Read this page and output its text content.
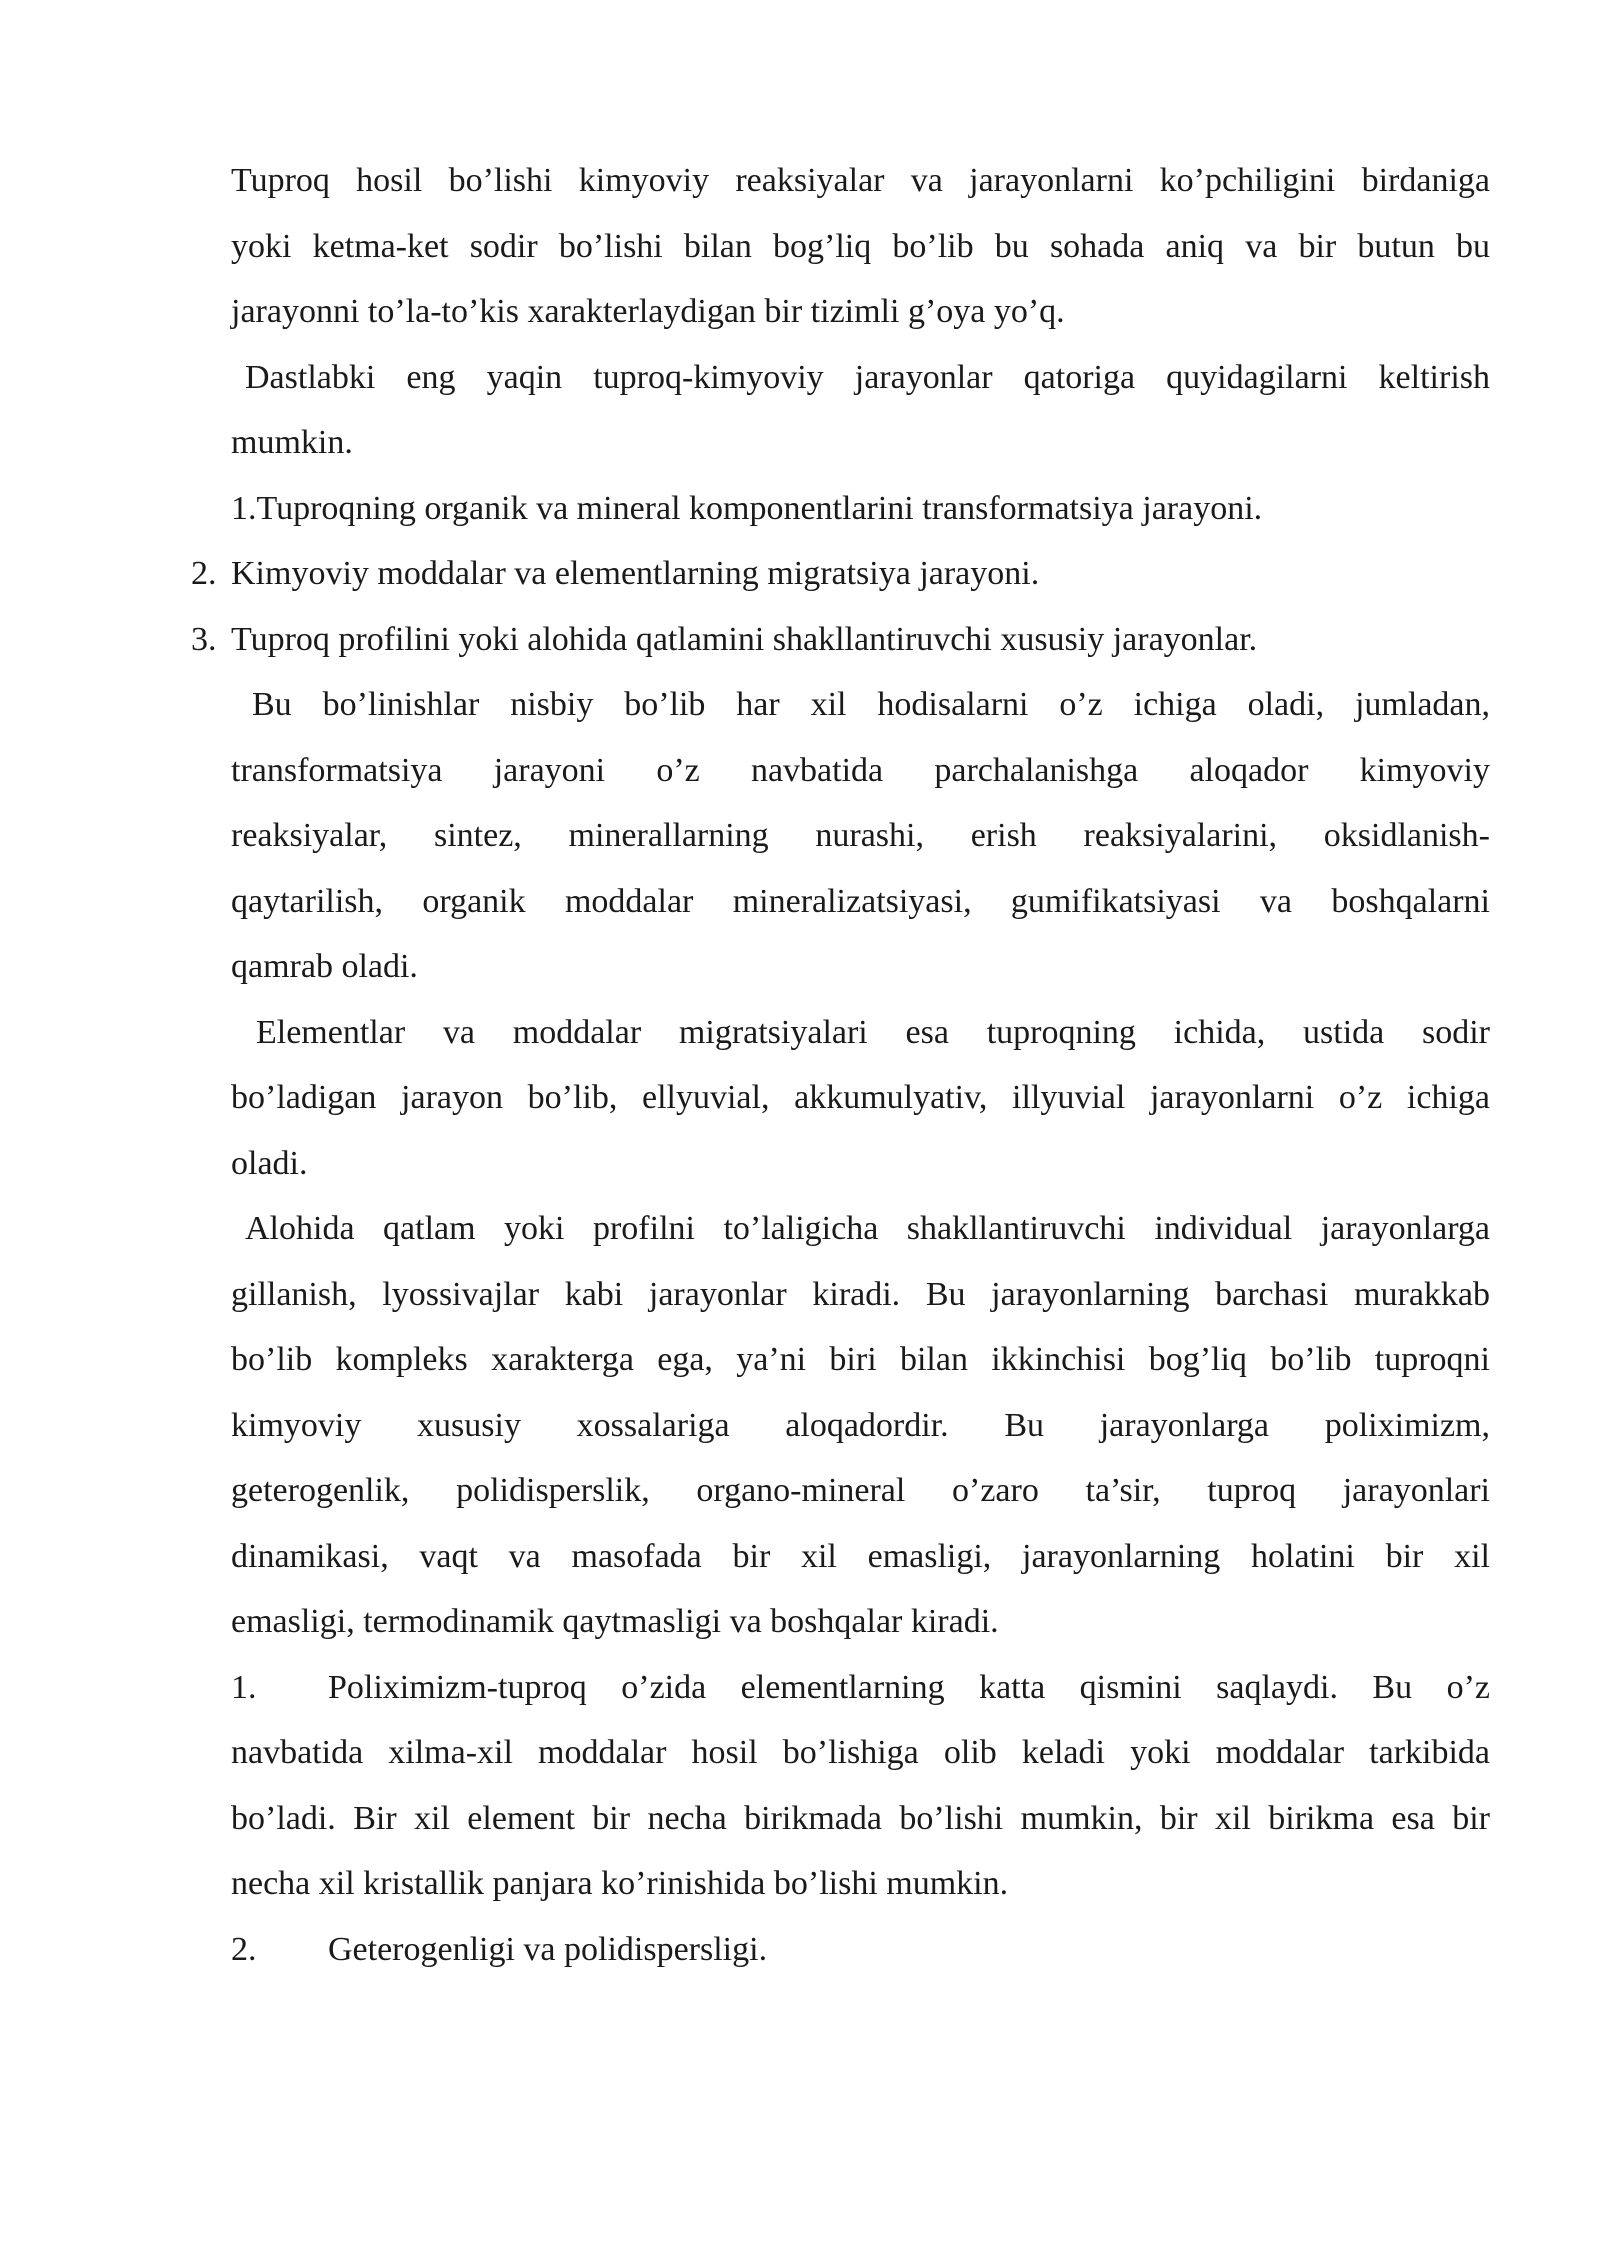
Tuproq hosil bo’lishi kimyoviy reaksiyalar va jarayonlarni ko’pchiligini birdaniga
yoki ketma-ket sodir bo’lishi bilan bog’liq bo’lib bu sohada aniq va bir butun bu
jarayonni to’la-to’kis xarakterlaydigan bir tizimli g’oya yo’q.
Dastlabki eng yaqin tuproq-kimyoviy jarayonlar qatoriga quyidagilarni keltirish
mumkin.
1.Tuproqning organik va mineral komponentlarini transformatsiya jarayoni.
2. Kimyoviy moddalar va elementlarning migratsiya jarayoni.
3. Tuproq profilini yoki alohida qatlamini shakllantiruvchi xususiy jarayonlar.
Bu bo’linishlar nisbiy bo’lib har xil hodisalarni o’z ichiga oladi, jumladan,
transformatsiya jarayoni o’z navbatida parchalanishga aloqador kimyoviy
reaksiyalar, sintez, minerallarning nurashi, erish reaksiyalarini, oksidlanish-
qaytarilish, organik moddalar mineralizatsiyasi, gumifikatsiyasi va boshqalarni
qamrab oladi.
Elementlar va moddalar migratsiyalari esa tuproqning ichida, ustida sodir
bo’ladigan jarayon bo’lib, ellyuvial, akkumulyativ, illyuvial jarayonlarni o’z ichiga
oladi.
Alohida qatlam yoki profilni to’laligicha shakllantiruvchi individual jarayonlarga
gillanish, lyossivajlar kabi jarayonlar kiradi. Bu jarayonlarning barchasi murakkab
bo’lib kompleks xarakterga ega, ya’ni biri bilan ikkinchisi bog’liq bo’lib tuproqni
kimyoviy xususiy xossalariga aloqadordir. Bu jarayonlarga poliximizm,
geterogenlik, polidisperslik, organo-mineral o’zaro ta’sir, tuproq jarayonlari
dinamikasi, vaqt va masofada bir xil emasligi, jarayonlarning holatini bir xil
emasligi, termodinamik qaytmasligi va boshqalar kiradi.
1.	Poliximizm-tuproq o’zida elementlarning katta qismini saqlaydi. Bu o’z
navbatida xilma-xil moddalar hosil bo’lishiga olib keladi yoki moddalar tarkibida
bo’ladi. Bir xil element bir necha birikmada bo’lishi mumkin, bir xil birikma esa bir
necha xil kristallik panjara ko’rinishida bo’lishi mumkin.
2. Geterogenligi va polidispersligi.
